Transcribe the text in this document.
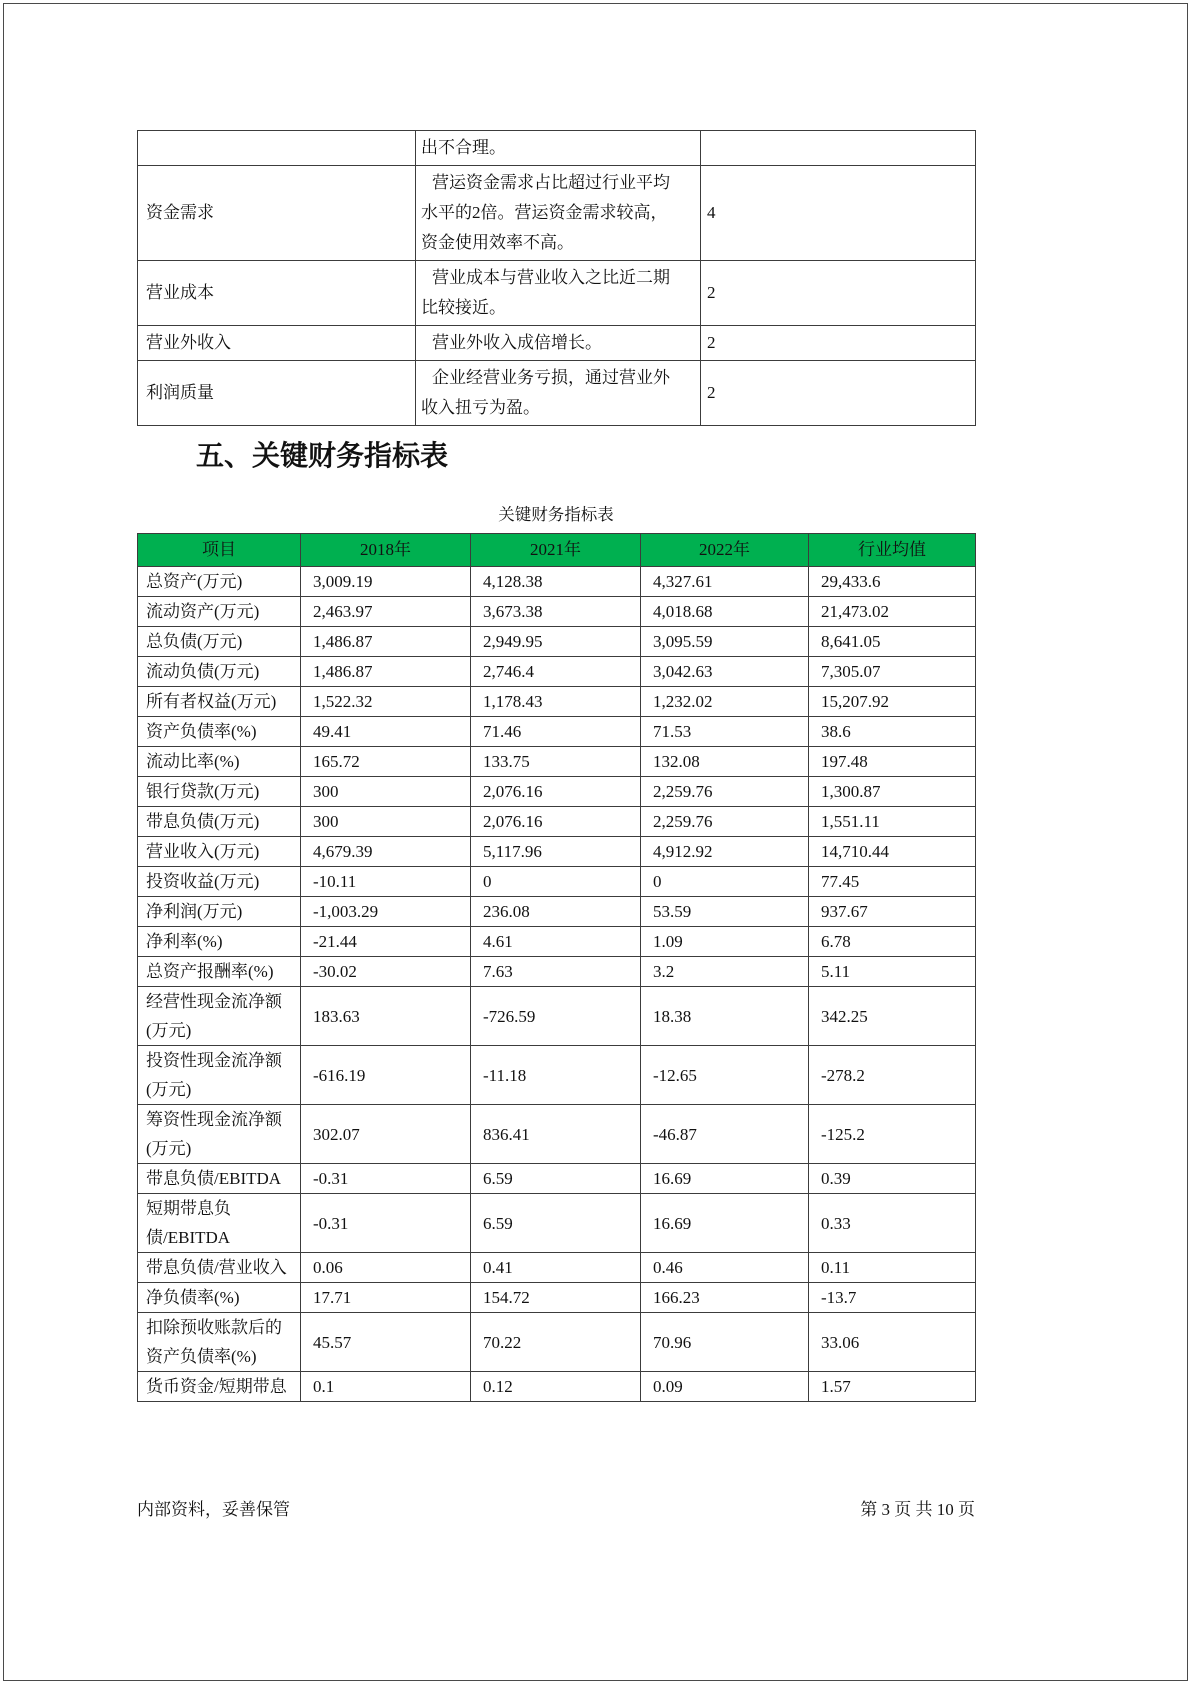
	出不合理。	
资金需求	营运资金需求占比超过行业平均水平的2倍。营运资金需求较高，资金使用效率不高。	4
营业成本	营业成本与营业收入之比近二期比较接近。	2
营业外收入	营业外收入成倍增长。	2
利润质量	企业经营业务亏损，通过营业外收入扭亏为盈。	2
五、关键财务指标表
关键财务指标表
项目	2018年	2021年	2022年	行业均值
总资产(万元)	3,009.19	4,128.38	4,327.61	29,433.6
流动资产(万元)	2,463.97	3,673.38	4,018.68	21,473.02
总负债(万元)	1,486.87	2,949.95	3,095.59	8,641.05
流动负债(万元)	1,486.87	2,746.4	3,042.63	7,305.07
所有者权益(万元)	1,522.32	1,178.43	1,232.02	15,207.92
资产负债率(%)	49.41	71.46	71.53	38.6
流动比率(%)	165.72	133.75	132.08	197.48
银行贷款(万元)	300	2,076.16	2,259.76	1,300.87
带息负债(万元)	300	2,076.16	2,259.76	1,551.11
营业收入(万元)	4,679.39	5,117.96	4,912.92	14,710.44
投资收益(万元)	-10.11	0	0	77.45
净利润(万元)	-1,003.29	236.08	53.59	937.67
净利率(%)	-21.44	4.61	1.09	6.78
总资产报酬率(%)	-30.02	7.63	3.2	5.11
经营性现金流净额(万元)	183.63	-726.59	18.38	342.25
投资性现金流净额(万元)	-616.19	-11.18	-12.65	-278.2
筹资性现金流净额(万元)	302.07	836.41	-46.87	-125.2
带息负债/EBITDA	-0.31	6.59	16.69	0.39
短期带息负债/EBITDA	-0.31	6.59	16.69	0.33
带息负债/营业收入	0.06	0.41	0.46	0.11
净负债率(%)	17.71	154.72	166.23	-13.7
扣除预收账款后的资产负债率(%)	45.57	70.22	70.96	33.06
货币资金/短期带息	0.1	0.12	0.09	1.57
内部资料，妥善保管	第 3 页 共 10 页
